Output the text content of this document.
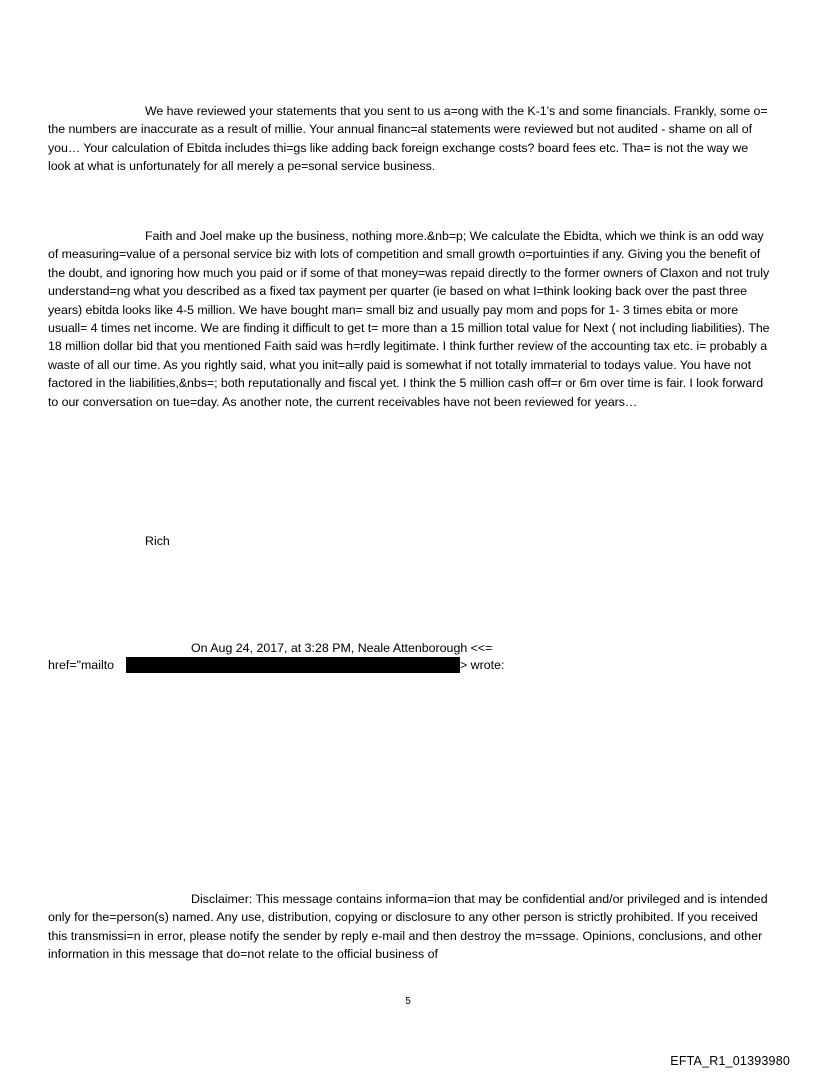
We have reviewed your statements that you sent to us a=ong with the K-1’s and some financials. Frankly, some o= the numbers are inaccurate as a result of millie. Your annual financ=al statements were reviewed but not audited - shame on all of you… Your calculation of Ebitda includes thi=gs like adding back foreign exchange costs? board fees etc. Tha= is not the way we look at what is unfortunately for all merely a pe=sonal service business.

Faith and Joel make up the business, nothing more.&nb=p; We calculate the Ebidta, which we think is an odd way of measuring=value of a personal service biz with lots of competition and small growth o=portuinties if any. Giving you the benefit of the doubt, and ignoring how much you paid or if some of that money=was repaid directly to the former owners of Claxon and not truly understand=ng what you described as a fixed tax payment per quarter (ie based on what I=think looking back over the past three years) ebitda looks like 4-5 million. We have bought man= small biz and usually pay mom and pops for 1- 3 times ebita or more usuall= 4 times net income. We are finding it difficult to get t= more than a 15 million total value for Next ( not including liabilities). The 18 million dollar bid that you mentioned Faith said was h=rdly legitimate. I think further review of the accounting tax etc. i= probably a waste of all our time. As you rightly said, what you init=ally paid is somewhat if not totally immaterial to todays value. You have not factored in the liabilities,&nbs=; both reputationally and fiscal yet. I think the 5 million cash off=r or 6m over time is fair. I look forward to our conversation on tue=day. As another note, the current receivables have not been reviewed for years…

Rich

On Aug 24, 2017, at 3:28 PM, Neale Attenborough <<=

href="mailto	> wrote:

Disclaimer: This message contains informa=ion that may be confidential and/or privileged and is intended only for the=person(s) named. Any use, distribution, copying or disclosure to any other person is strictly prohibited. If you received this transmissi=n in error, please notify the sender by reply e-mail and then destroy the m=ssage. Opinions, conclusions, and other information in this message that do=not relate to the official business of

5

EFTA_R1_01393980
